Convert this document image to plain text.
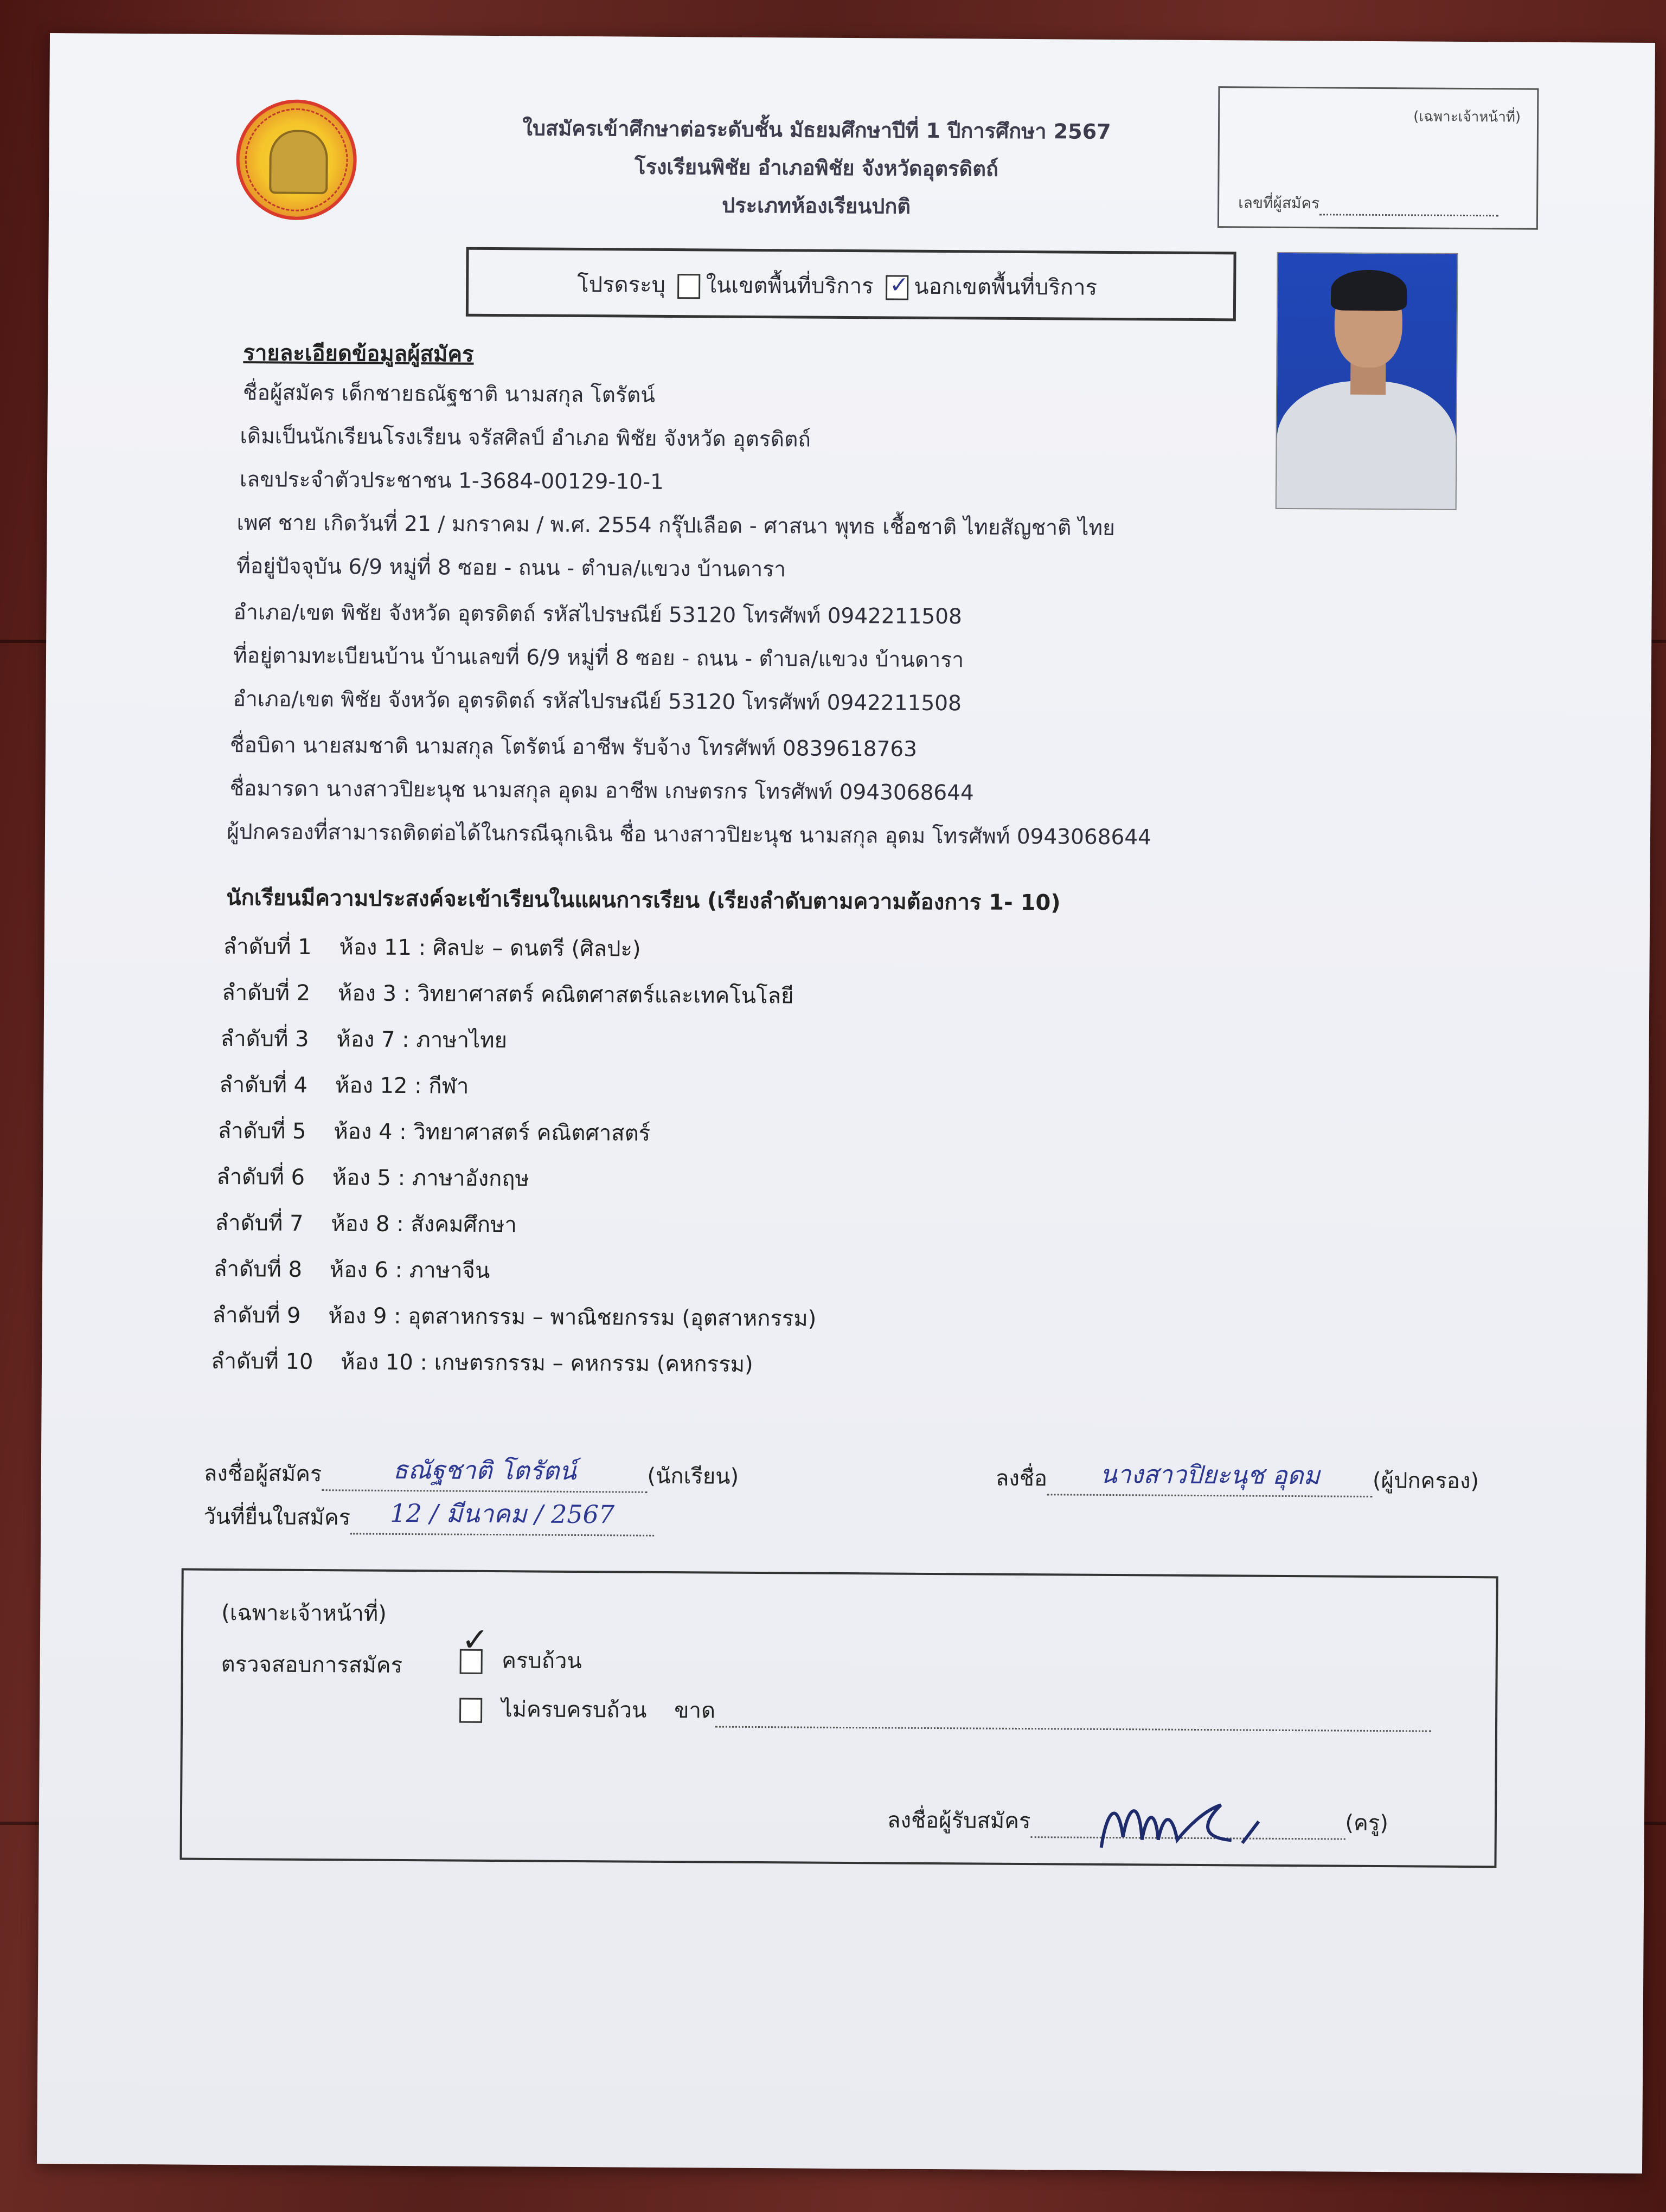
ใบสมัครเข้าศึกษาต่อระดับชั้น มัธยมศึกษาปีที่ 1 ปีการศึกษา 2567
โรงเรียนพิชัย อำเภอพิชัย จังหวัดอุตรดิตถ์
ประเภทห้องเรียนปกติ
(เฉพาะเจ้าหน้าที่)
เลขที่ผู้สมัคร
โปรดระบุ ในเขตพื้นที่บริการ ✓ นอกเขตพื้นที่บริการ
รายละเอียดข้อมูลผู้สมัคร
ชื่อผู้สมัคร เด็กชายธณัฐชาติ นามสกุล โตรัตน์
เดิมเป็นนักเรียนโรงเรียน จรัสศิลป์ อำเภอ พิชัย จังหวัด อุตรดิตถ์
เลขประจำตัวประชาชน 1-3684-00129-10-1
เพศ ชาย เกิดวันที่ 21 / มกราคม / พ.ศ. 2554 กรุ๊ปเลือด - ศาสนา พุทธ เชื้อชาติ ไทยสัญชาติ ไทย
ที่อยู่ปัจจุบัน 6/9 หมู่ที่ 8 ซอย - ถนน - ตำบล/แขวง บ้านดารา
อำเภอ/เขต พิชัย จังหวัด อุตรดิตถ์ รหัสไปรษณีย์ 53120 โทรศัพท์ 0942211508
ที่อยู่ตามทะเบียนบ้าน บ้านเลขที่ 6/9 หมู่ที่ 8 ซอย - ถนน - ตำบล/แขวง บ้านดารา
อำเภอ/เขต พิชัย จังหวัด อุตรดิตถ์ รหัสไปรษณีย์ 53120 โทรศัพท์ 0942211508
ชื่อบิดา นายสมชาติ นามสกุล โตรัตน์ อาชีพ รับจ้าง โทรศัพท์ 0839618763
ชื่อมารดา นางสาวปิยะนุช นามสกุล อุดม อาชีพ เกษตรกร โทรศัพท์ 0943068644
ผู้ปกครองที่สามารถติดต่อได้ในกรณีฉุกเฉิน ชื่อ นางสาวปิยะนุช นามสกุล อุดม โทรศัพท์ 0943068644
นักเรียนมีความประสงค์จะเข้าเรียนในแผนการเรียน (เรียงลำดับตามความต้องการ 1- 10)
ลำดับที่ 1 ห้อง 11 : ศิลปะ – ดนตรี (ศิลปะ)
ลำดับที่ 2 ห้อง 3 : วิทยาศาสตร์ คณิตศาสตร์และเทคโนโลยี
ลำดับที่ 3 ห้อง 7 : ภาษาไทย
ลำดับที่ 4 ห้อง 12 : กีฬา
ลำดับที่ 5 ห้อง 4 : วิทยาศาสตร์ คณิตศาสตร์
ลำดับที่ 6 ห้อง 5 : ภาษาอังกฤษ
ลำดับที่ 7 ห้อง 8 : สังคมศึกษา
ลำดับที่ 8 ห้อง 6 : ภาษาจีน
ลำดับที่ 9 ห้อง 9 : อุตสาหกรรม – พาณิชยกรรม (อุตสาหกรรม)
ลำดับที่ 10 ห้อง 10 : เกษตรกรรม – คหกรรม (คหกรรม)
ลงชื่อผู้สมัคร	ธณัฐชาติ โตรัตน์	(นักเรียน)	ลงชื่อ นางสาวปิยะนุช อุดม (ผู้ปกครอง)
วันที่ยื่นใบสมัคร 12 / มีนาคม / 2567
(เฉพาะเจ้าหน้าที่)
ตรวจสอบการสมัคร
✓
ครบถ้วน
ไม่ครบครบถ้วน ขาด
ลงชื่อผู้รับสมัคร	(ครู)
